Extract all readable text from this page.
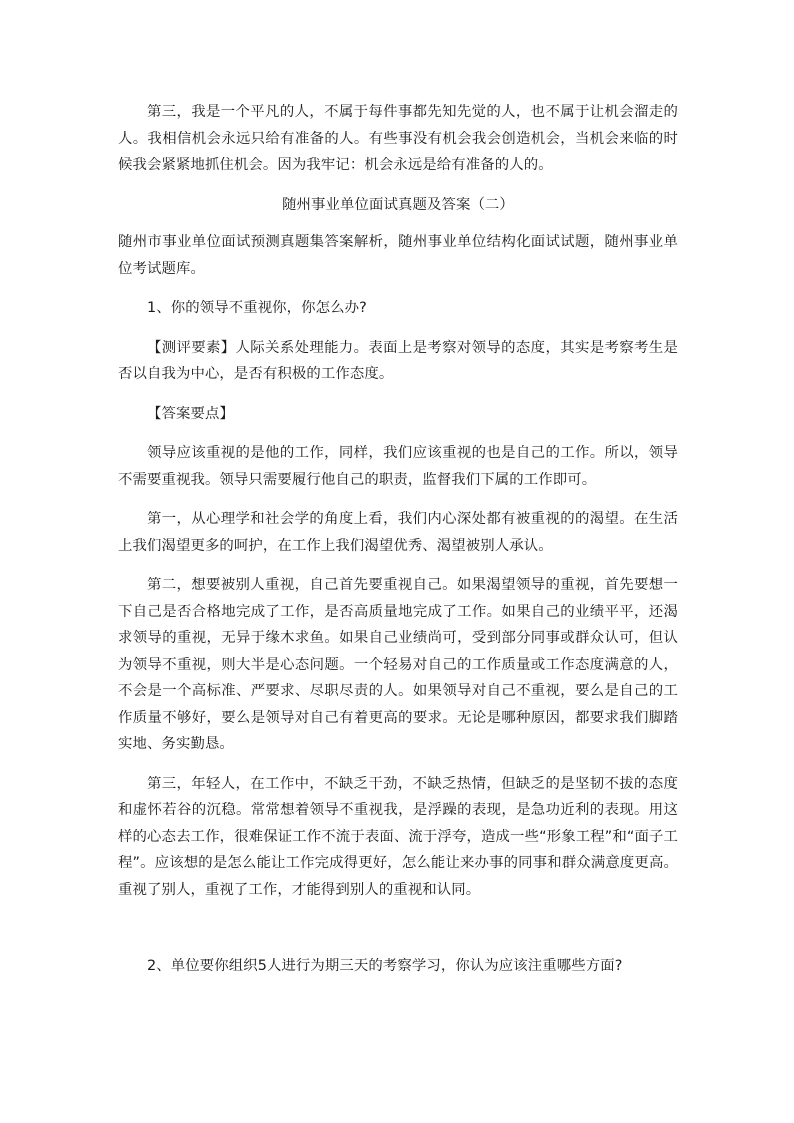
第三，我是一个平凡的人，不属于每件事都先知先觉的人，也不属于让机会溜走的人。我相信机会永远只给有准备的人。有些事没有机会我会创造机会，当机会来临的时候我会紧紧地抓住机会。因为我牢记：机会永远是给有准备的人的。

随州事业单位面试真题及答案（二）

随州市事业单位面试预测真题集答案解析，随州事业单位结构化面试试题，随州事业单位考试题库。

1、你的领导不重视你，你怎么办?

【测评要素】人际关系处理能力。表面上是考察对领导的态度，其实是考察考生是否以自我为中心，是否有积极的工作态度。

【答案要点】

领导应该重视的是他的工作，同样，我们应该重视的也是自己的工作。所以，领导不需要重视我。领导只需要履行他自己的职责，监督我们下属的工作即可。

第一，从心理学和社会学的角度上看，我们内心深处都有被重视的的渴望。在生活上我们渴望更多的呵护，在工作上我们渴望优秀、渴望被别人承认。

第二，想要被别人重视，自己首先要重视自己。如果渴望领导的重视，首先要想一下自己是否合格地完成了工作，是否高质量地完成了工作。如果自己的业绩平平，还渴求领导的重视，无异于缘木求鱼。如果自己业绩尚可，受到部分同事或群众认可，但认为领导不重视，则大半是心态问题。一个轻易对自己的工作质量或工作态度满意的人，不会是一个高标准、严要求、尽职尽责的人。如果领导对自己不重视，要么是自己的工作质量不够好，要么是领导对自己有着更高的要求。无论是哪种原因，都要求我们脚踏实地、务实勤恳。

第三，年轻人，在工作中，不缺乏干劲，不缺乏热情，但缺乏的是坚韧不拔的态度和虚怀若谷的沉稳。常常想着领导不重视我，是浮躁的表现，是急功近利的表现。用这样的心态去工作，很难保证工作不流于表面、流于浮夸，造成一些“形象工程”和“面子工程”。应该想的是怎么能让工作完成得更好，怎么能让来办事的同事和群众满意度更高。重视了别人，重视了工作，才能得到别人的重视和认同。

2、单位要你组织5人进行为期三天的考察学习，你认为应该注重哪些方面?
